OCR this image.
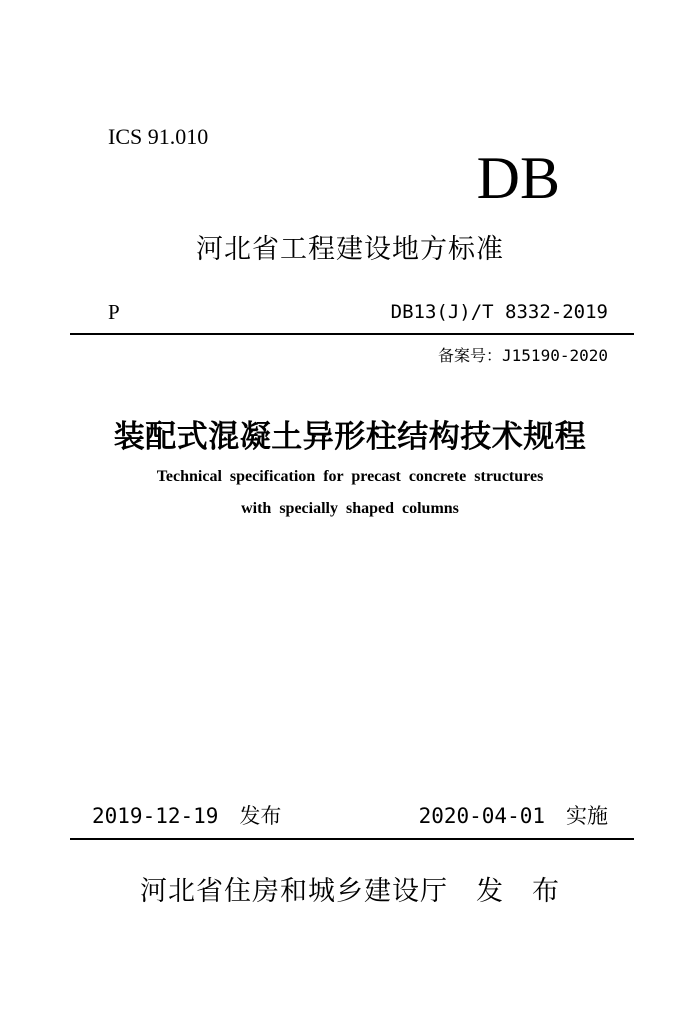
ICS 91.010
DB
河北省工程建设地方标准
P	DB13(J)/T 8332-2019
备案号：J15190-2020
装配式混凝土异形柱结构技术规程
Technical specification for precast concrete structures
with specially shaped columns
2019-12-19　发布	2020-04-01　实施
河北省住房和城乡建设厅　发　布
